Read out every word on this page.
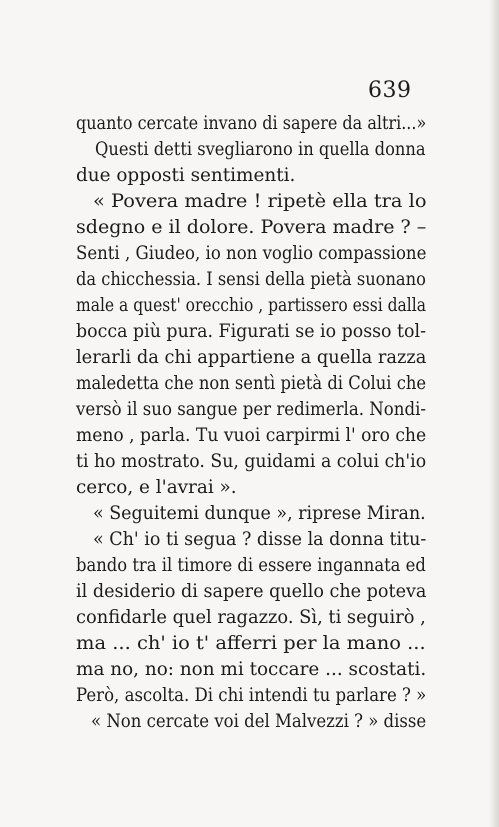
639
quanto cercate invano di sapere da altri...»
Questi detti svegliarono in quella donna
due opposti sentimenti.
« Povera madre ! ripetè ella tra lo
sdegno e il dolore. Povera madre ? –
Senti , Giudeo, io non voglio compassione
da chicchessia. I sensi della pietà suonano
male a quest' orecchio , partissero essi dalla
bocca più pura. Figurati se io posso tol-
lerarli da chi appartiene a quella razza
maledetta che non sentì pietà di Colui che
versò il suo sangue per redimerla. Nondi-
meno , parla. Tu vuoi carpirmi l' oro che
ti ho mostrato. Su, guidami a colui ch'io
cerco, e l'avrai ».
« Seguitemi dunque », riprese Miran.
« Ch' io ti segua ? disse la donna titu-
bando tra il timore di essere ingannata ed
il desiderio di sapere quello che poteva
confidarle quel ragazzo. Sì, ti seguirò ,
ma ... ch' io t' afferri per la mano ...
ma no, no: non mi toccare ... scostati.
Però, ascolta. Di chi intendi tu parlare ? »
« Non cercate voi del Malvezzi ? » disse
